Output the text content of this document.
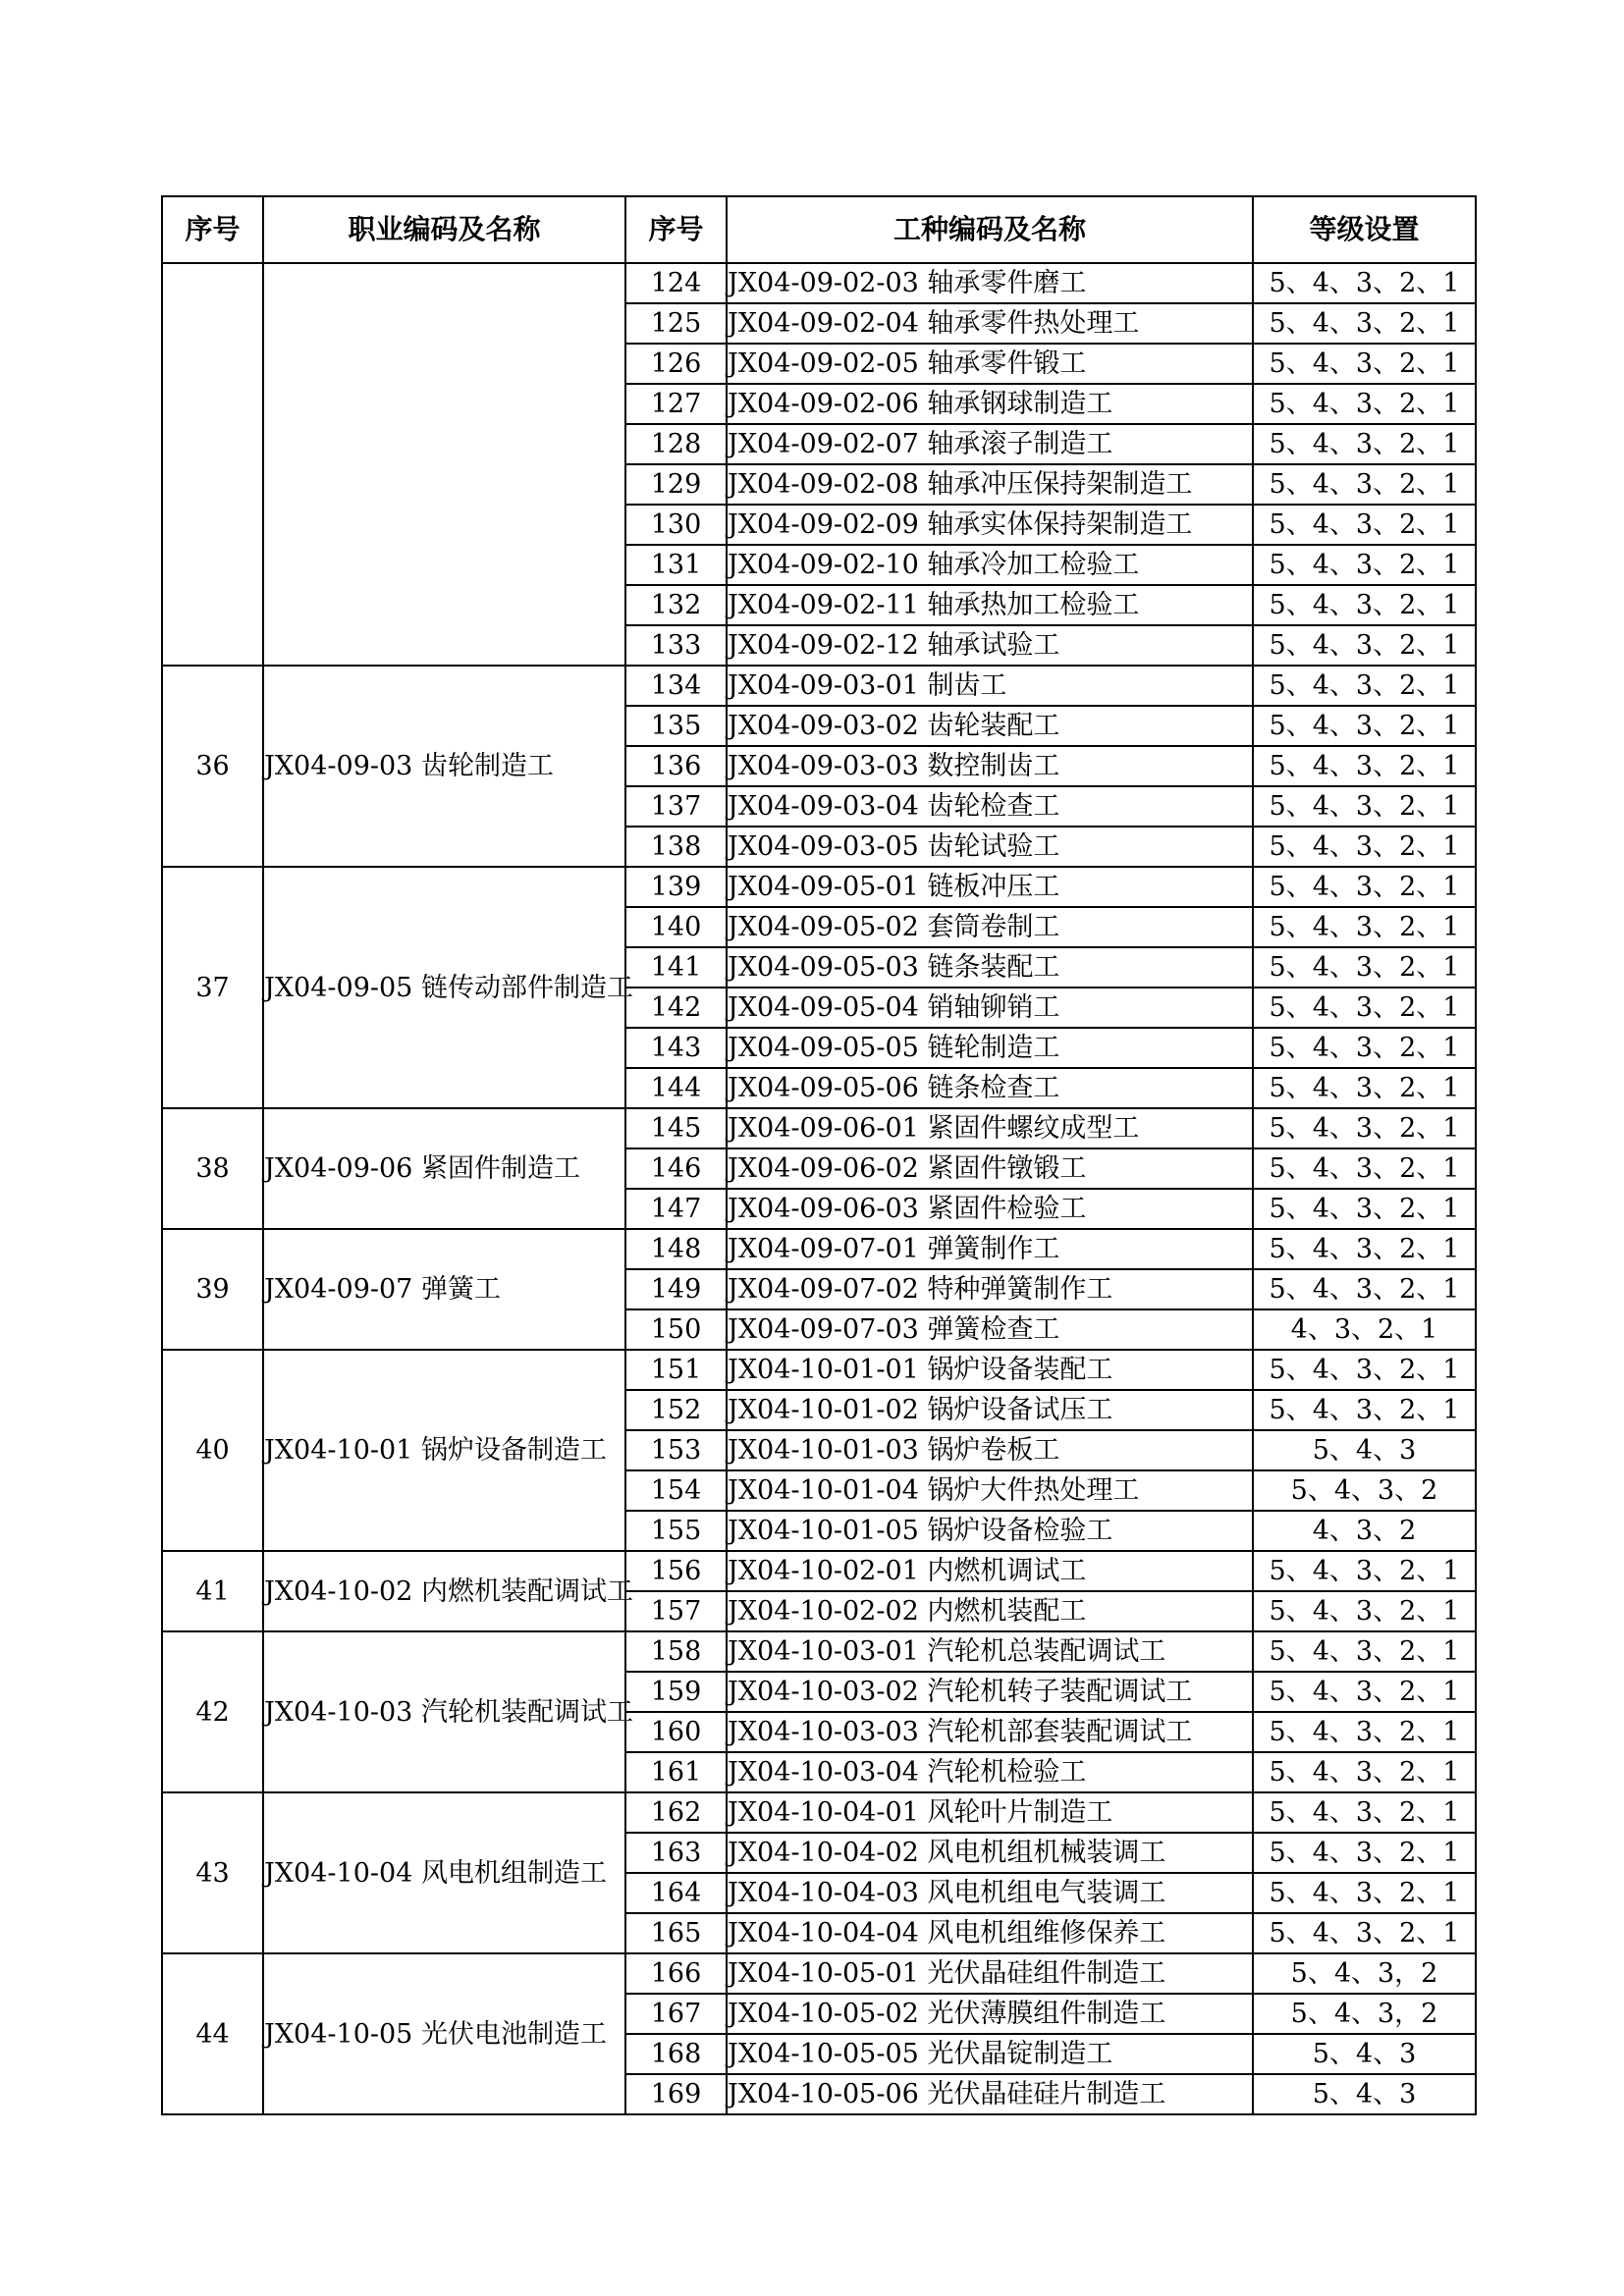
序号	职业编码及名称	序号	工种编码及名称	等级设置
		124	JX04-09-02-03 轴承零件磨工	5、4、3、2、1
		125	JX04-09-02-04 轴承零件热处理工	5、4、3、2、1
		126	JX04-09-02-05 轴承零件锻工	5、4、3、2、1
		127	JX04-09-02-06 轴承钢球制造工	5、4、3、2、1
		128	JX04-09-02-07 轴承滚子制造工	5、4、3、2、1
		129	JX04-09-02-08 轴承冲压保持架制造工	5、4、3、2、1
		130	JX04-09-02-09 轴承实体保持架制造工	5、4、3、2、1
		131	JX04-09-02-10 轴承冷加工检验工	5、4、3、2、1
		132	JX04-09-02-11 轴承热加工检验工	5、4、3、2、1
		133	JX04-09-02-12 轴承试验工	5、4、3、2、1
36	JX04-09-03 齿轮制造工	134	JX04-09-03-01 制齿工	5、4、3、2、1
		135	JX04-09-03-02 齿轮装配工	5、4、3、2、1
		136	JX04-09-03-03 数控制齿工	5、4、3、2、1
		137	JX04-09-03-04 齿轮检查工	5、4、3、2、1
		138	JX04-09-03-05 齿轮试验工	5、4、3、2、1
37	JX04-09-05 链传动部件制造工	139	JX04-09-05-01 链板冲压工	5、4、3、2、1
		140	JX04-09-05-02 套筒卷制工	5、4、3、2、1
		141	JX04-09-05-03 链条装配工	5、4、3、2、1
		142	JX04-09-05-04 销轴铆销工	5、4、3、2、1
		143	JX04-09-05-05 链轮制造工	5、4、3、2、1
		144	JX04-09-05-06 链条检查工	5、4、3、2、1
38	JX04-09-06 紧固件制造工	145	JX04-09-06-01 紧固件螺纹成型工	5、4、3、2、1
		146	JX04-09-06-02 紧固件镦锻工	5、4、3、2、1
		147	JX04-09-06-03 紧固件检验工	5、4、3、2、1
39	JX04-09-07 弹簧工	148	JX04-09-07-01 弹簧制作工	5、4、3、2、1
		149	JX04-09-07-02 特种弹簧制作工	5、4、3、2、1
		150	JX04-09-07-03 弹簧检查工	4、3、2、1
40	JX04-10-01 锅炉设备制造工	151	JX04-10-01-01 锅炉设备装配工	5、4、3、2、1
		152	JX04-10-01-02 锅炉设备试压工	5、4、3、2、1
		153	JX04-10-01-03 锅炉卷板工	5、4、3
		154	JX04-10-01-04 锅炉大件热处理工	5、4、3、2
		155	JX04-10-01-05 锅炉设备检验工	4、3、2
41	JX04-10-02 内燃机装配调试工	156	JX04-10-02-01 内燃机调试工	5、4、3、2、1
		157	JX04-10-02-02 内燃机装配工	5、4、3、2、1
42	JX04-10-03 汽轮机装配调试工	158	JX04-10-03-01 汽轮机总装配调试工	5、4、3、2、1
		159	JX04-10-03-02 汽轮机转子装配调试工	5、4、3、2、1
		160	JX04-10-03-03 汽轮机部套装配调试工	5、4、3、2、1
		161	JX04-10-03-04 汽轮机检验工	5、4、3、2、1
43	JX04-10-04 风电机组制造工	162	JX04-10-04-01 风轮叶片制造工	5、4、3、2、1
		163	JX04-10-04-02 风电机组机械装调工	5、4、3、2、1
		164	JX04-10-04-03 风电机组电气装调工	5、4、3、2、1
		165	JX04-10-04-04 风电机组维修保养工	5、4、3、2、1
44	JX04-10-05 光伏电池制造工	166	JX04-10-05-01 光伏晶硅组件制造工	5、4、3，2
		167	JX04-10-05-02 光伏薄膜组件制造工	5、4、3，2
		168	JX04-10-05-05 光伏晶锭制造工	5、4、3
		169	JX04-10-05-06 光伏晶硅硅片制造工	5、4、3
